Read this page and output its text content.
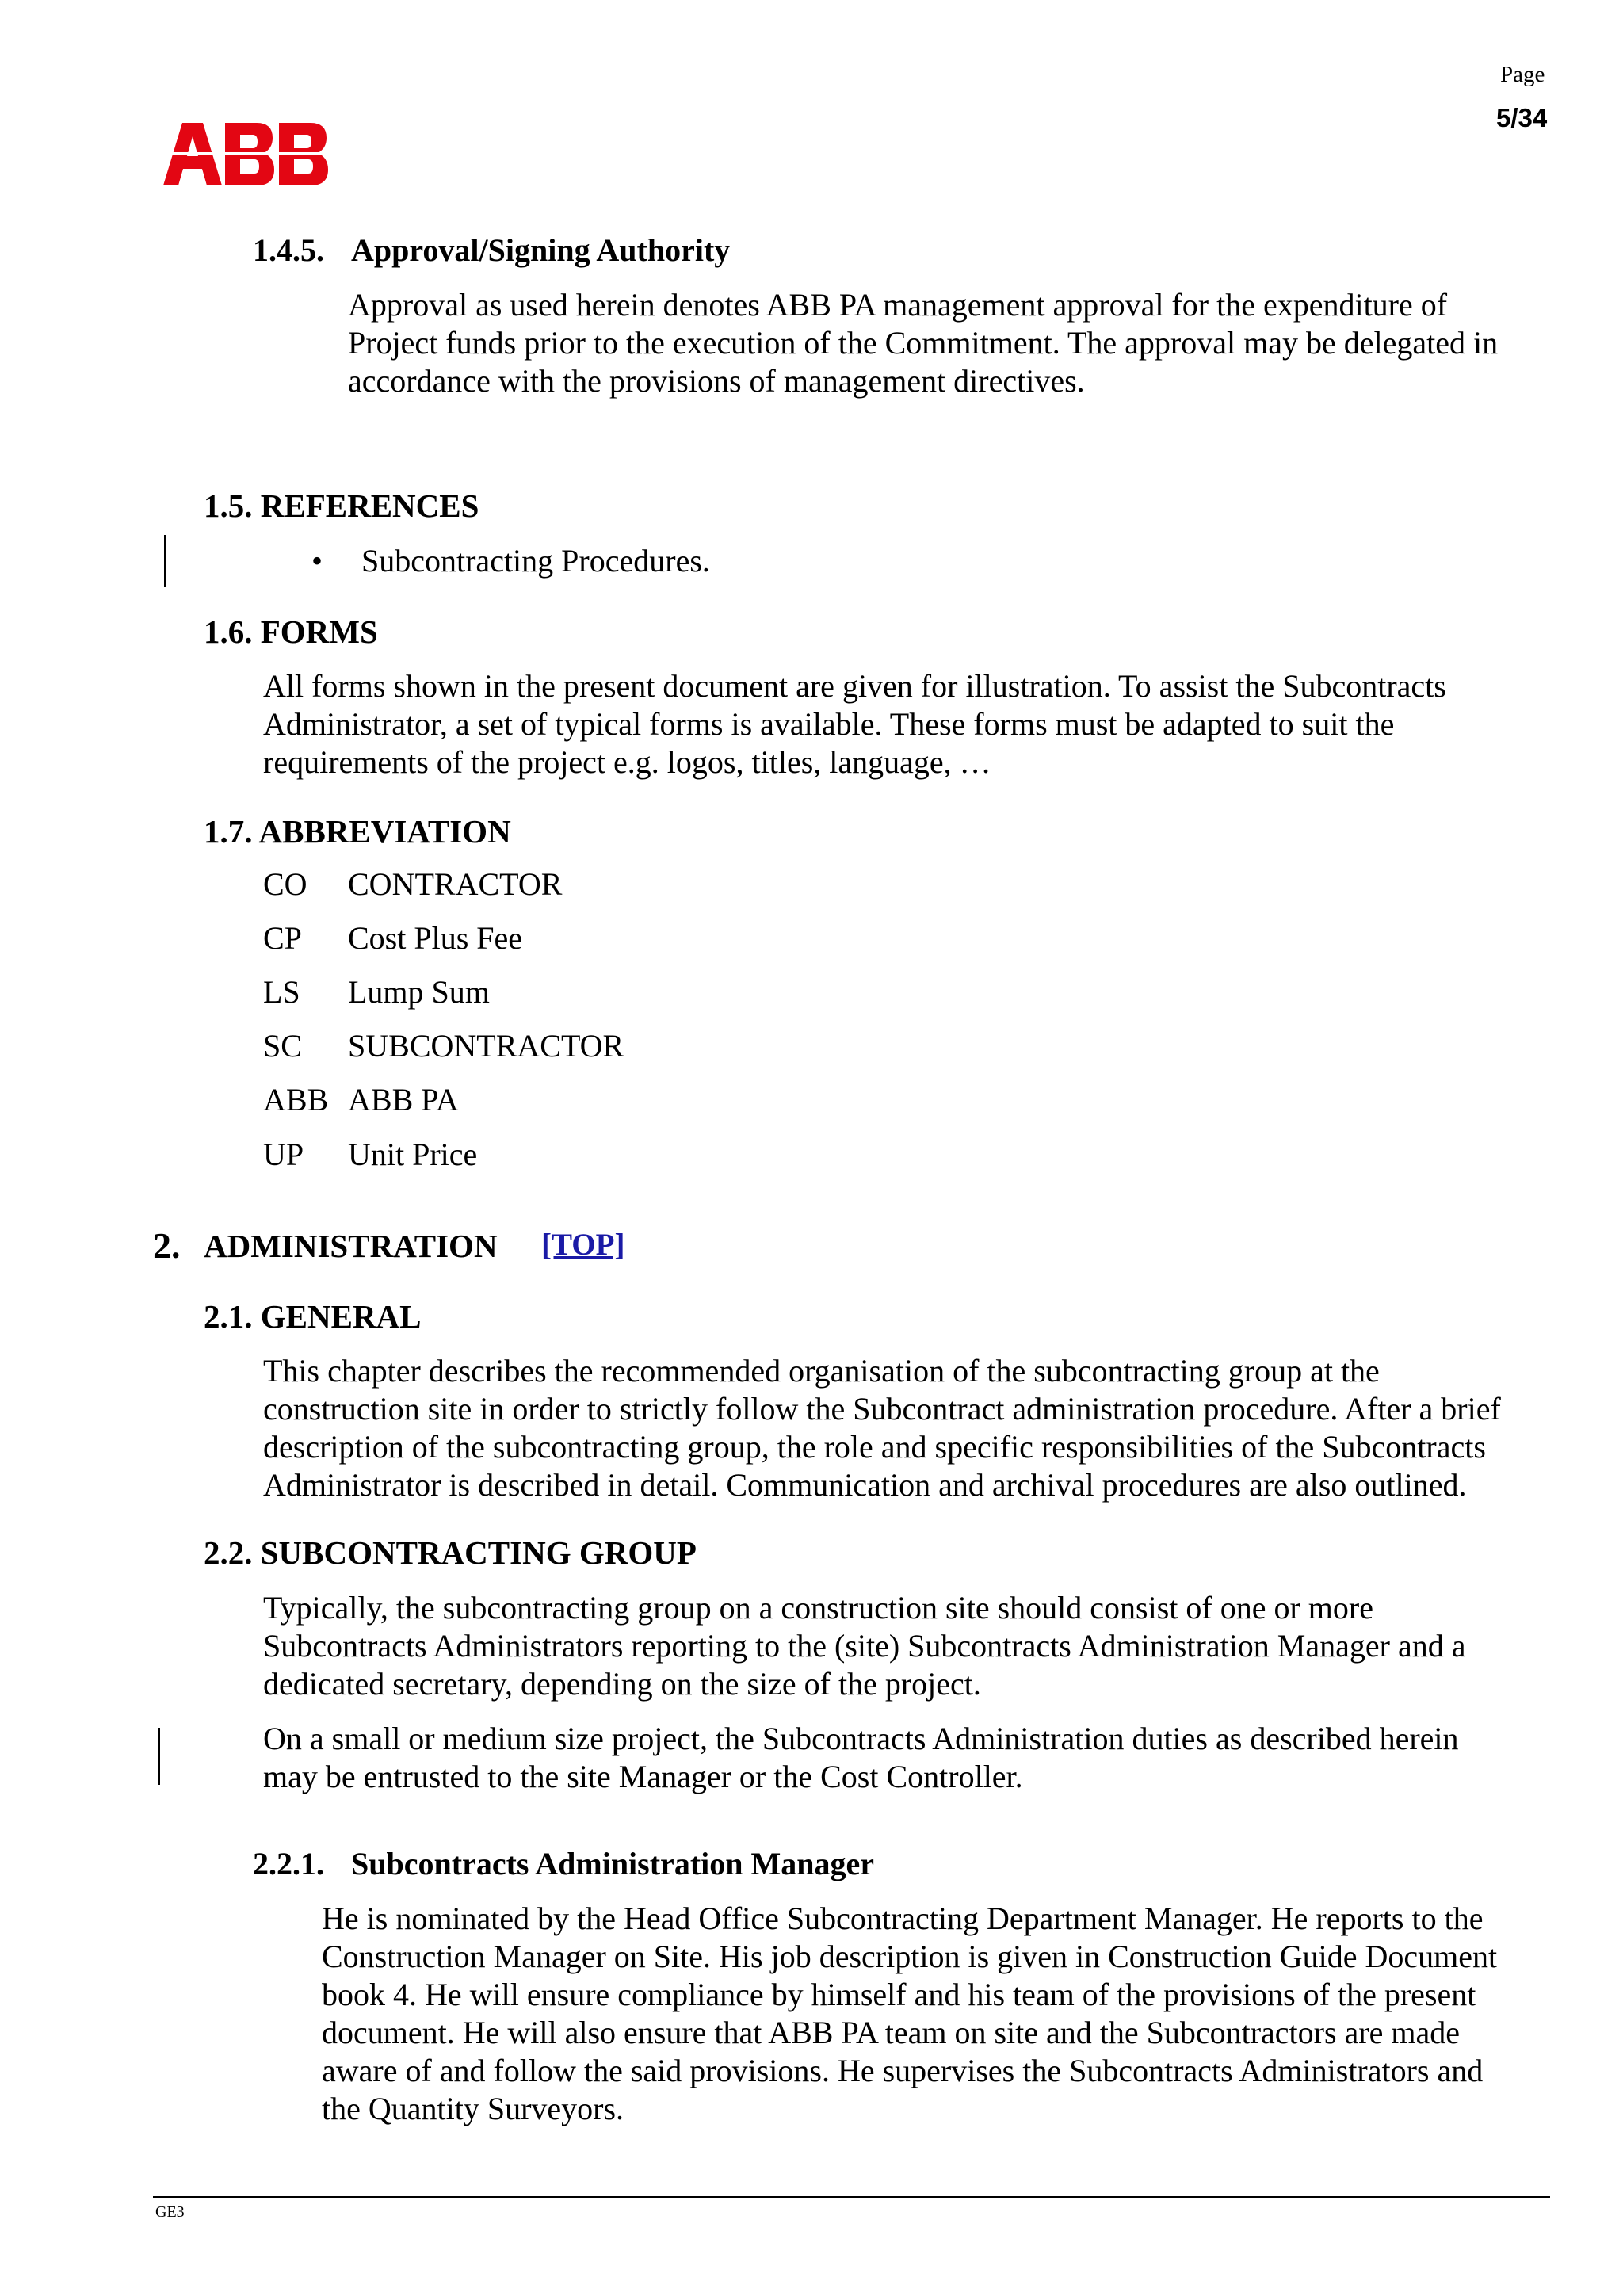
Page
5/34
1.4.5. Approval/Signing Authority
Approval as used herein denotes ABB PA management approval for the expenditure of
Project funds prior to the execution of the Commitment. The approval may be delegated in
accordance with the provisions of management directives.
1.5. REFERENCES
• Subcontracting Procedures.
1.6. FORMS
All forms shown in the present document are given for illustration. To assist the Subcontracts
Administrator, a set of typical forms is available. These forms must be adapted to suit the
requirements of the project e.g. logos, titles, language, …
1.7. ABBREVIATION
CO CONTRACTOR
CP Cost Plus Fee
LS Lump Sum
SC SUBCONTRACTOR
ABB ABB PA
UP Unit Price
2. ADMINISTRATION [TOP]
2.1. GENERAL
This chapter describes the recommended organisation of the subcontracting group at the
construction site in order to strictly follow the Subcontract administration procedure. After a brief
description of the subcontracting group, the role and specific responsibilities of the Subcontracts
Administrator is described in detail. Communication and archival procedures are also outlined.
2.2. SUBCONTRACTING GROUP
Typically, the subcontracting group on a construction site should consist of one or more
Subcontracts Administrators reporting to the (site) Subcontracts Administration Manager and a
dedicated secretary, depending on the size of the project.
On a small or medium size project, the Subcontracts Administration duties as described herein
may be entrusted to the site Manager or the Cost Controller.
2.2.1. Subcontracts Administration Manager
He is nominated by the Head Office Subcontracting Department Manager. He reports to the
Construction Manager on Site. His job description is given in Construction Guide Document
book 4. He will ensure compliance by himself and his team of the provisions of the present
document. He will also ensure that ABB PA team on site and the Subcontractors are made
aware of and follow the said provisions. He supervises the Subcontracts Administrators and
the Quantity Surveyors.
GE3
